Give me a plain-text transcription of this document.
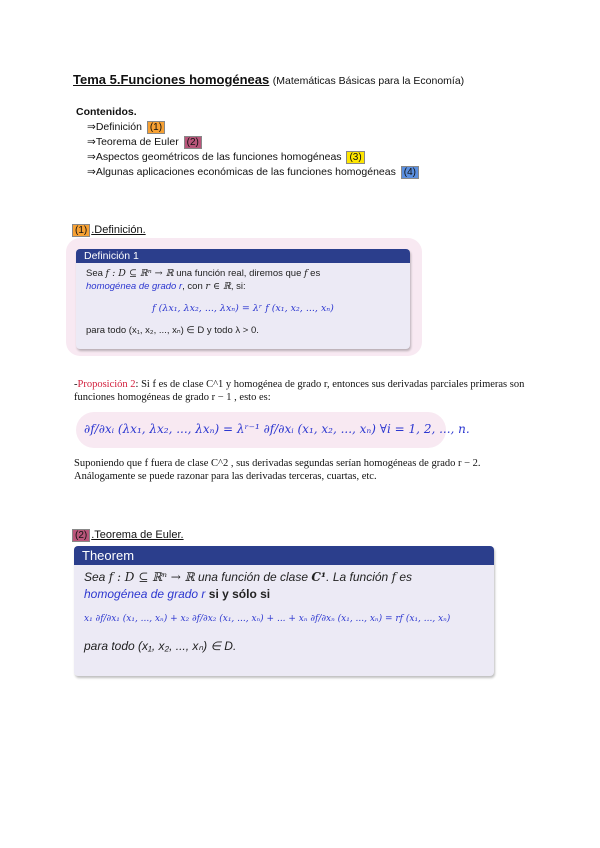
Tema 5.Funciones homogéneas (Matemáticas Básicas para la Economía)
Contenidos.
⇒Definición (1)
⇒Teorema de Euler (2)
⇒Aspectos geométricos de las funciones homogéneas (3)
⇒Algunas aplicaciones económicas de las funciones homogéneas (4)
(1) .Definición.
Definición 1
Sea f : D ⊆ ℝⁿ → ℝ una función real, diremos que f es
homogénea de grado r, con r ∈ ℝ, si:
f (λx₁, λx₂, ..., λxₙ) = λʳ f (x₁, x₂, ..., xₙ)
para todo (x₁, x₂, ..., xₙ) ∈ D y todo λ > 0.
-Proposición 2: Si f es de clase C^1 y homogénea de grado r, entonces sus derivadas parciales primeras son funciones homogéneas de grado r − 1 , esto es:
∂f/∂xᵢ (λx₁, λx₂, ..., λxₙ) = λʳ⁻¹ ∂f/∂xᵢ (x₁, x₂, ..., xₙ) ∀i = 1, 2, ..., n.
Suponiendo que f fuera de clase C^2 , sus derivadas segundas serían homogéneas de grado r − 2. Análogamente se puede razonar para las derivadas terceras, cuartas, etc.
(2) .Teorema de Euler.
Theorem
Sea f : D ⊆ ℝⁿ → ℝ una función de clase C¹. La función f es
homogénea de grado r si y sólo si
x₁ ∂f/∂x₁ (x₁, ..., xₙ) + x₂ ∂f/∂x₂ (x₁, ..., xₙ) + ... + xₙ ∂f/∂xₙ (x₁, ..., xₙ) = rf (x₁, ..., xₙ)
para todo (x₁, x₂, ..., xₙ) ∈ D.
